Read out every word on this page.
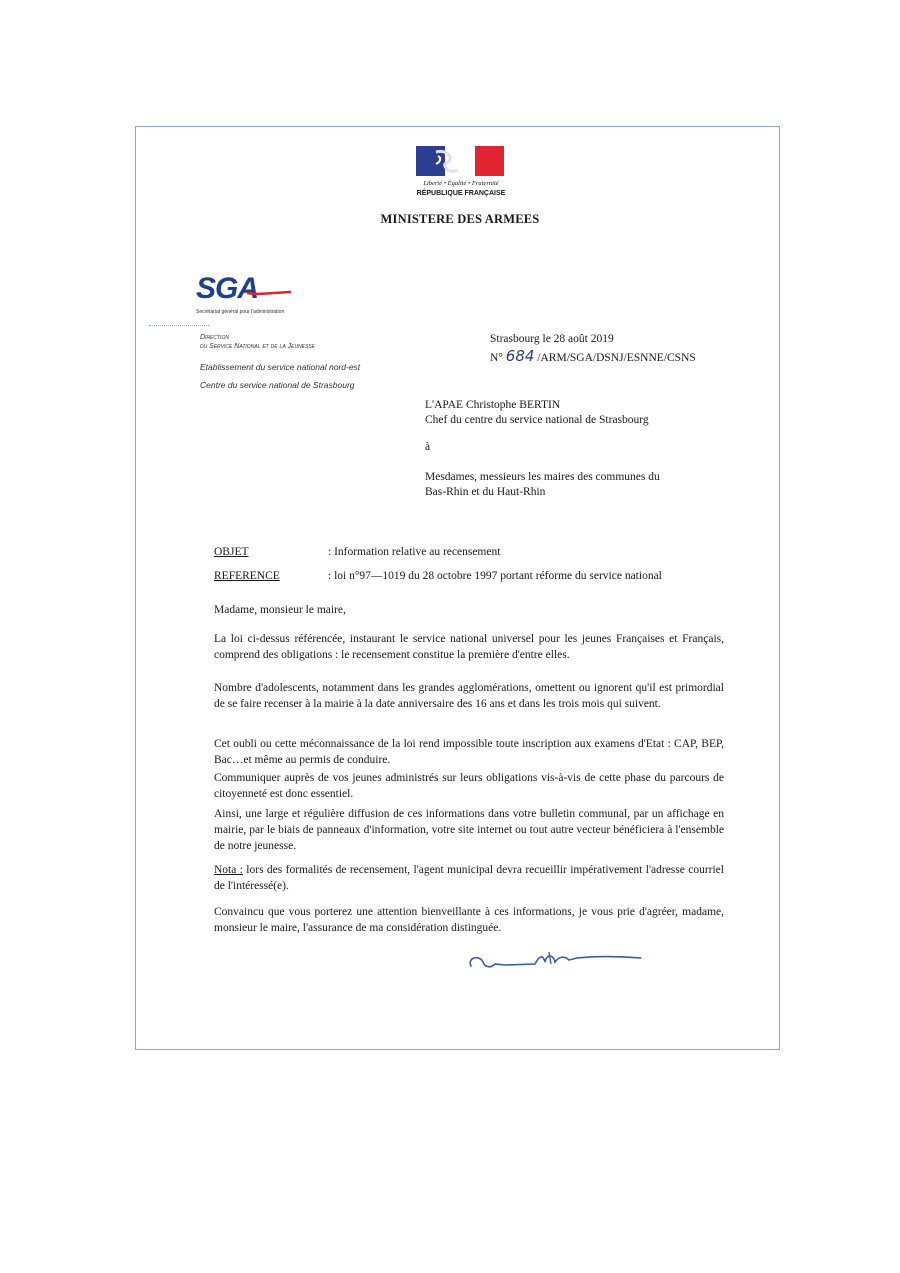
Liberté • Égalité • Fraternité
RÉPUBLIQUE FRANÇAISE
MINISTERE DES ARMEES
SGA
Secrétariat général pour l'administration
Direction
du Service National et de la Jeunesse
Etablissement du service national nord-est
Centre du service national de Strasbourg
Strasbourg le 28 août 2019
N° 684 /ARM/SGA/DSNJ/ESNNE/CSNS
L'APAE Christophe BERTIN
Chef du centre du service national de Strasbourg
à
Mesdames, messieurs les maires des communes du
Bas-Rhin et du Haut-Rhin
OBJET	: Information relative au recensement
REFERENCE	: loi n°97—1019 du 28 octobre 1997 portant réforme du service national
Madame, monsieur le maire,
La loi ci-dessus référencée, instaurant le service national universel pour les jeunes Françaises et Français, comprend des obligations : le recensement constitue la première d'entre elles.
Nombre d'adolescents, notamment dans les grandes agglomérations, omettent ou ignorent qu'il est primordial de se faire recenser à la mairie à la date anniversaire des 16 ans et dans les trois mois qui suivent.
Cet oubli ou cette méconnaissance de la loi rend impossible toute inscription aux examens d'Etat : CAP, BEP, Bac…et même au permis de conduire.
Communiquer auprès de vos jeunes administrés sur leurs obligations vis-à-vis de cette phase du parcours de citoyenneté est donc essentiel.
Ainsi, une large et régulière diffusion de ces informations dans votre bulletin communal, par un affichage en mairie, par le biais de panneaux d'information, votre site internet ou tout autre vecteur bénéficiera à l'ensemble de notre jeunesse.
Nota : lors des formalités de recensement, l'agent municipal devra recueillir impérativement l'adresse courriel de l'intéressé(e).
Convaincu que vous porterez une attention bienveillante à ces informations, je vous prie d'agréer, madame, monsieur le maire, l'assurance de ma considération distinguée.
